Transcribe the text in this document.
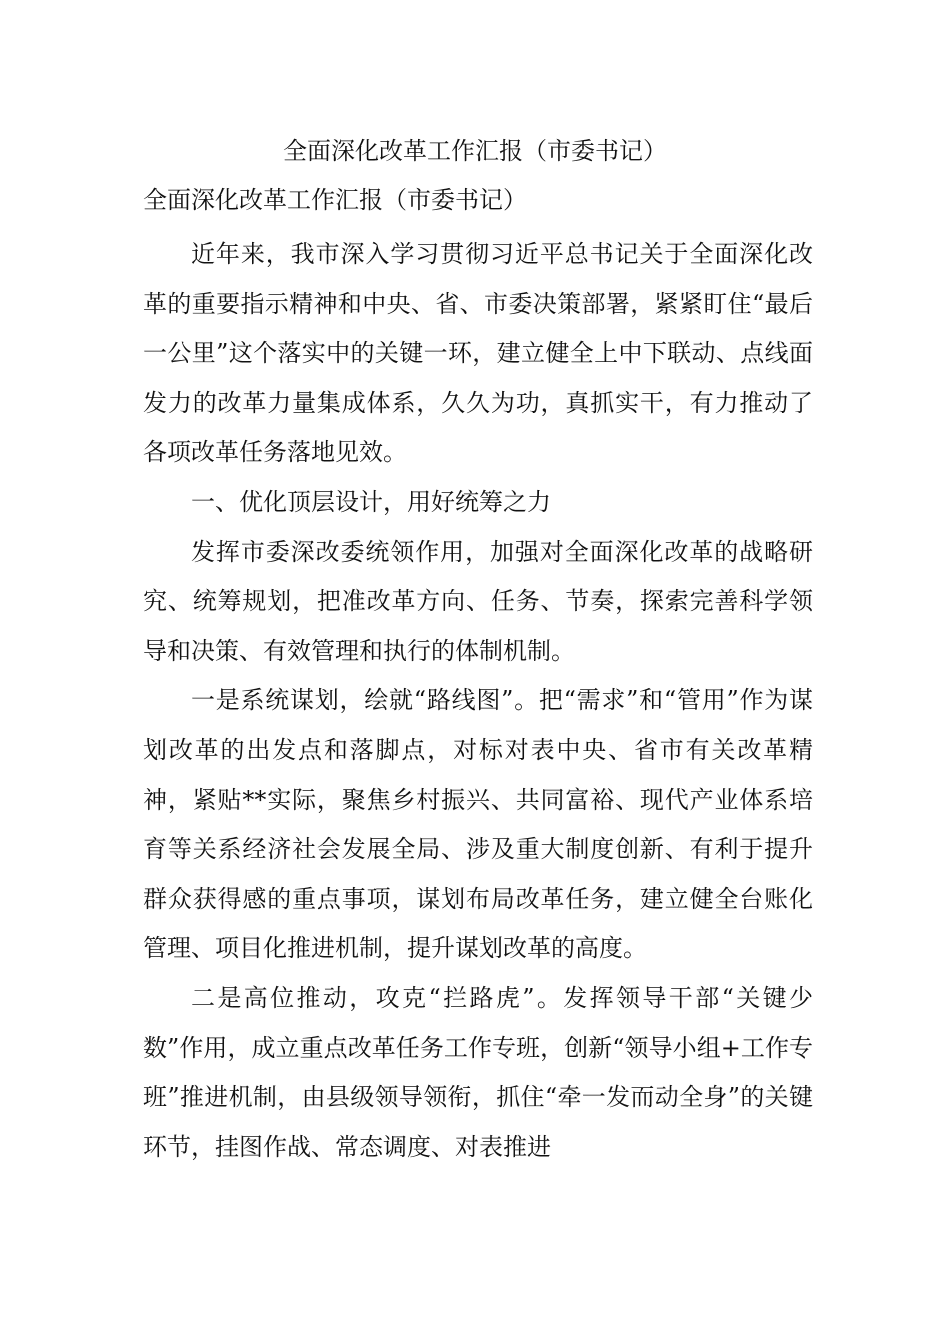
全面深化改革工作汇报（市委书记）
全面深化改革工作汇报（市委书记）

近年来，我市深入学习贯彻习近平总书记关于全面深化改革的重要指示精神和中央、省、市委决策部署，紧紧盯住“最后一公里”这个落实中的关键一环，建立健全上中下联动、点线面发力的改革力量集成体系，久久为功，真抓实干，有力推动了各项改革任务落地见效。

一、优化顶层设计，用好统筹之力

发挥市委深改委统领作用，加强对全面深化改革的战略研究、统筹规划，把准改革方向、任务、节奏，探索完善科学领导和决策、有效管理和执行的体制机制。

一是系统谋划，绘就“路线图”。把“需求”和“管用”作为谋划改革的出发点和落脚点，对标对表中央、省市有关改革精神，紧贴**实际，聚焦乡村振兴、共同富裕、现代产业体系培育等关系经济社会发展全局、涉及重大制度创新、有利于提升群众获得感的重点事项，谋划布局改革任务，建立健全台账化管理、项目化推进机制，提升谋划改革的高度。

二是高位推动，攻克“拦路虎”。发挥领导干部“关键少数”作用，成立重点改革任务工作专班，创新“领导小组+工作专班”推进机制，由县级领导领衔，抓住“牵一发而动全身”的关键环节，挂图作战、常态调度、对表推进
